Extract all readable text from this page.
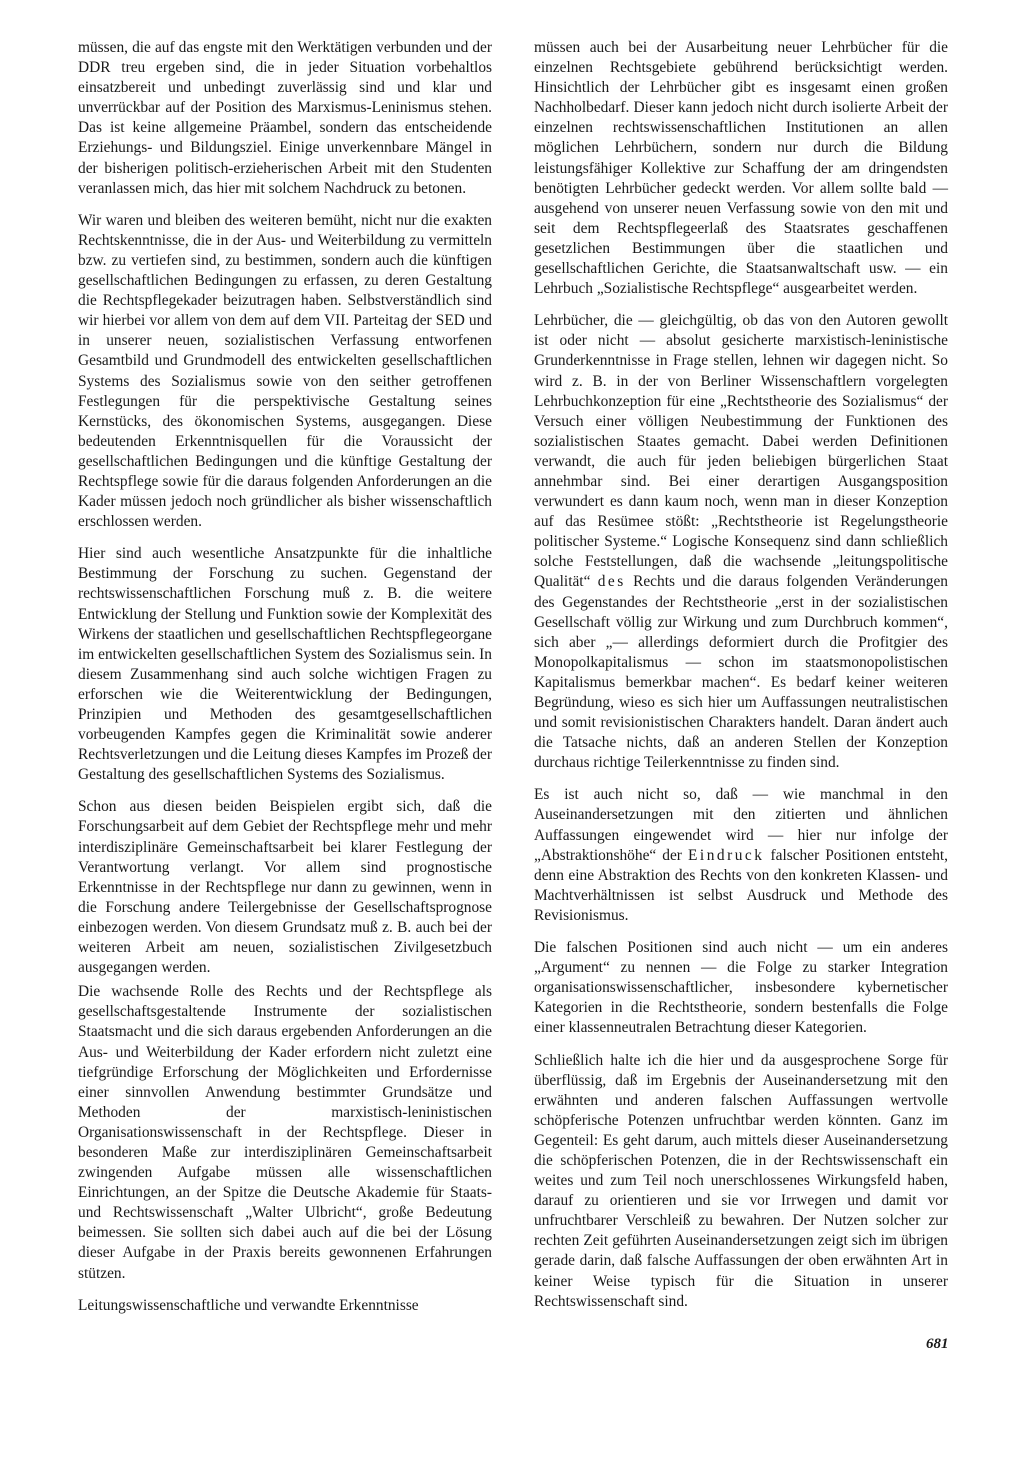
müssen, die auf das engste mit den Werktätigen verbunden und der DDR treu ergeben sind, die in jeder Situation vorbehaltlos einsatzbereit und unbedingt zuverlässig sind und klar und unverrückbar auf der Position des Marxismus-Leninismus stehen. Das ist keine allgemeine Präambel, sondern das entscheidende Erziehungs- und Bildungsziel. Einige unverkennbare Mängel in der bisherigen politisch-erzieherischen Arbeit mit den Studenten veranlassen mich, das hier mit solchem Nachdruck zu betonen.

Wir waren und bleiben des weiteren bemüht, nicht nur die exakten Rechtskenntnisse, die in der Aus- und Weiterbildung zu vermitteln bzw. zu vertiefen sind, zu bestimmen, sondern auch die künftigen gesellschaftlichen Bedingungen zu erfassen, zu deren Gestaltung die Rechtspflegekader beizutragen haben. Selbstverständlich sind wir hierbei vor allem von dem auf dem VII. Parteitag der SED und in unserer neuen, sozialistischen Verfassung entworfenen Gesamtbild und Grundmodell des entwickelten gesellschaftlichen Systems des Sozialismus sowie von den seither getroffenen Festlegungen für die perspektivische Gestaltung seines Kernstücks, des ökonomischen Systems, ausgegangen. Diese bedeutenden Erkenntnisquellen für die Voraussicht der gesellschaftlichen Bedingungen und die künftige Gestaltung der Rechtspflege sowie für die daraus folgenden Anforderungen an die Kader müssen jedoch noch gründlicher als bisher wissenschaftlich erschlossen werden.

Hier sind auch wesentliche Ansatzpunkte für die inhaltliche Bestimmung der Forschung zu suchen. Gegenstand der rechtswissenschaftlichen Forschung muß z. B. die weitere Entwicklung der Stellung und Funktion sowie der Komplexität des Wirkens der staatlichen und gesellschaftlichen Rechtspflegeorgane im entwickelten gesellschaftlichen System des Sozialismus sein. In diesem Zusammenhang sind auch solche wichtigen Fragen zu erforschen wie die Weiterentwicklung der Bedingungen, Prinzipien und Methoden des gesamtgesellschaftlichen vorbeugenden Kampfes gegen die Kriminalität sowie anderer Rechtsverletzungen und die Leitung dieses Kampfes im Prozeß der Gestaltung des gesellschaftlichen Systems des Sozialismus.

Schon aus diesen beiden Beispielen ergibt sich, daß die Forschungsarbeit auf dem Gebiet der Rechtspflege mehr und mehr interdisziplinäre Gemeinschaftsarbeit bei klarer Festlegung der Verantwortung verlangt. Vor allem sind prognostische Erkenntnisse in der Rechtspflege nur dann zu gewinnen, wenn in die Forschung andere Teilergebnisse der Gesellschaftsprognose einbezogen werden. Von diesem Grundsatz muß z. B. auch bei der weiteren Arbeit am neuen, sozialistischen Zivilgesetzbuch ausgegangen werden.

Die wachsende Rolle des Rechts und der Rechtspflege als gesellschaftsgestaltende Instrumente der sozialistischen Staatsmacht und die sich daraus ergebenden Anforderungen an die Aus- und Weiterbildung der Kader erfordern nicht zuletzt eine tiefgründige Erforschung der Möglichkeiten und Erfordernisse einer sinnvollen Anwendung bestimmter Grundsätze und Methoden der marxistisch-leninistischen Organisationswissenschaft in der Rechtspflege. Dieser in besonderen Maße zur interdisziplinären Gemeinschaftsarbeit zwingenden Aufgabe müssen alle wissenschaftlichen Einrichtungen, an der Spitze die Deutsche Akademie für Staats- und Rechtswissenschaft „Walter Ulbricht“, große Bedeutung beimessen. Sie sollten sich dabei auch auf die bei der Lösung dieser Aufgabe in der Praxis bereits gewonnenen Erfahrungen stützen.

Leitungswissenschaftliche und verwandte Erkenntnisse

müssen auch bei der Ausarbeitung neuer Lehrbücher für die einzelnen Rechtsgebiete gebührend berücksichtigt werden. Hinsichtlich der Lehrbücher gibt es insgesamt einen großen Nachholbedarf. Dieser kann jedoch nicht durch isolierte Arbeit der einzelnen rechtswissenschaftlichen Institutionen an allen möglichen Lehrbüchern, sondern nur durch die Bildung leistungsfähiger Kollektive zur Schaffung der am dringendsten benötigten Lehrbücher gedeckt werden. Vor allem sollte bald — ausgehend von unserer neuen Verfassung sowie von den mit und seit dem Rechtspflegeerlaß des Staatsrates geschaffenen gesetzlichen Bestimmungen über die staatlichen und gesellschaftlichen Gerichte, die Staatsanwaltschaft usw. — ein Lehrbuch „Sozialistische Rechtspflege“ ausgearbeitet werden.

Lehrbücher, die — gleichgültig, ob das von den Autoren gewollt ist oder nicht — absolut gesicherte marxistisch-leninistische Grunderkenntnisse in Frage stellen, lehnen wir dagegen nicht. So wird z. B. in der von Berliner Wissenschaftlern vorgelegten Lehrbuchkonzeption für eine „Rechtstheorie des Sozialismus“ der Versuch einer völligen Neubestimmung der Funktionen des sozialistischen Staates gemacht. Dabei werden Definitionen verwandt, die auch für jeden beliebigen bürgerlichen Staat annehmbar sind. Bei einer derartigen Ausgangsposition verwundert es dann kaum noch, wenn man in dieser Konzeption auf das Resümee stößt: „Rechtstheorie ist Regelungstheorie politischer Systeme.“ Logische Konsequenz sind dann schließlich solche Feststellungen, daß die wachsende „leitungspolitische Qualität“ des Rechts und die daraus folgenden Veränderungen des Gegenstandes der Rechtstheorie „erst in der sozialistischen Gesellschaft völlig zur Wirkung und zum Durchbruch kommen“, sich aber „— allerdings deformiert durch die Profitgier des Monopolkapitalismus — schon im staatsmonopolistischen Kapitalismus bemerkbar machen“. Es bedarf keiner weiteren Begründung, wieso es sich hier um Auffassungen neutralistischen und somit revisionistischen Charakters handelt. Daran ändert auch die Tatsache nichts, daß an anderen Stellen der Konzeption durchaus richtige Teilerkenntnisse zu finden sind.

Es ist auch nicht so, daß — wie manchmal in den Auseinandersetzungen mit den zitierten und ähnlichen Auffassungen eingewendet wird — hier nur infolge der „Abstraktionshöhe“ der Eindruck falscher Positionen entsteht, denn eine Abstraktion des Rechts von den konkreten Klassen- und Machtverhältnissen ist selbst Ausdruck und Methode des Revisionismus.

Die falschen Positionen sind auch nicht — um ein anderes „Argument“ zu nennen — die Folge zu starker Integration organisationswissenschaftlicher, insbesondere kybernetischer Kategorien in die Rechtstheorie, sondern bestenfalls die Folge einer klassenneutralen Betrachtung dieser Kategorien.

Schließlich halte ich die hier und da ausgesprochene Sorge für überflüssig, daß im Ergebnis der Auseinandersetzung mit den erwähnten und anderen falschen Auffassungen wertvolle schöpferische Potenzen unfruchtbar werden könnten. Ganz im Gegenteil: Es geht darum, auch mittels dieser Auseinandersetzung die schöpferischen Potenzen, die in der Rechtswissenschaft ein weites und zum Teil noch unerschlossenes Wirkungsfeld haben, darauf zu orientieren und sie vor Irrwegen und damit vor unfruchtbarer Verschleiß zu bewahren. Der Nutzen solcher zur rechten Zeit geführten Auseinandersetzungen zeigt sich im übrigen gerade darin, daß falsche Auffassungen der oben erwähnten Art in keiner Weise typisch für die Situation in unserer Rechtswissenschaft sind.

681
